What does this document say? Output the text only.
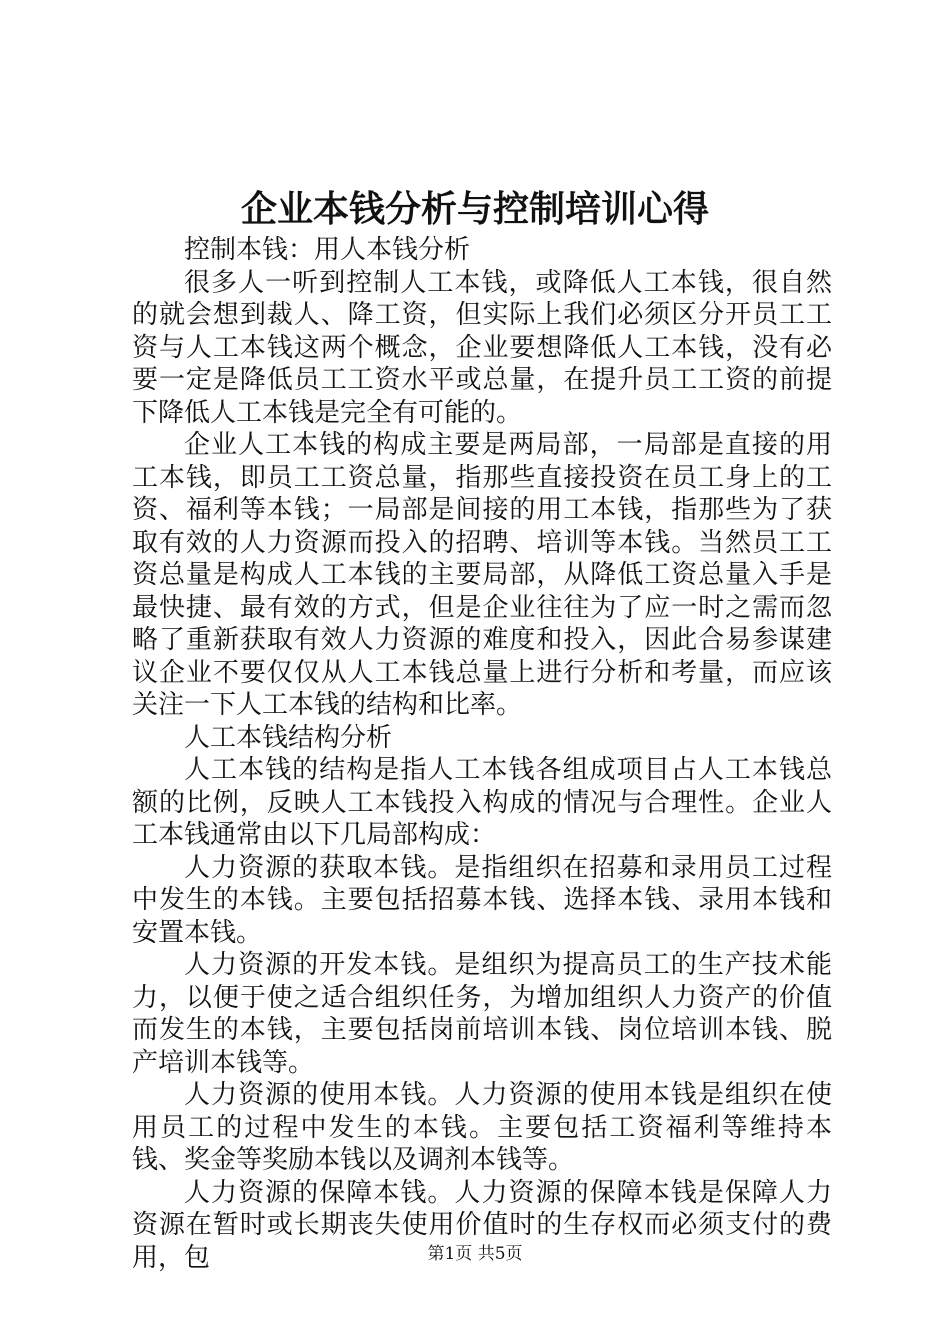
企业本钱分析与控制培训心得

控制本钱：用人本钱分析

很多人一听到控制人工本钱，或降低人工本钱，很自然的就会想到裁人、降工资，但实际上我们必须区分开员工工资与人工本钱这两个概念，企业要想降低人工本钱，没有必要一定是降低员工工资水平或总量，在提升员工工资的前提下降低人工本钱是完全有可能的。

企业人工本钱的构成主要是两局部，一局部是直接的用工本钱，即员工工资总量，指那些直接投资在员工身上的工资、福利等本钱；一局部是间接的用工本钱，指那些为了获取有效的人力资源而投入的招聘、培训等本钱。当然员工工资总量是构成人工本钱的主要局部，从降低工资总量入手是最快捷、最有效的方式，但是企业往往为了应一时之需而忽略了重新获取有效人力资源的难度和投入，因此合易参谋建议企业不要仅仅从人工本钱总量上进行分析和考量，而应该关注一下人工本钱的结构和比率。

人工本钱结构分析

人工本钱的结构是指人工本钱各组成项目占人工本钱总额的比例，反映人工本钱投入构成的情况与合理性。企业人工本钱通常由以下几局部构成：

人力资源的获取本钱。是指组织在招募和录用员工过程中发生的本钱。主要包括招募本钱、选择本钱、录用本钱和安置本钱。

人力资源的开发本钱。是组织为提高员工的生产技术能力，以便于使之适合组织任务，为增加组织人力资产的价值而发生的本钱，主要包括岗前培训本钱、岗位培训本钱、脱产培训本钱等。

人力资源的使用本钱。人力资源的使用本钱是组织在使用员工的过程中发生的本钱。主要包括工资福利等维持本钱、奖金等奖励本钱以及调剂本钱等。

人力资源的保障本钱。人力资源的保障本钱是保障人力资源在暂时或长期丧失使用价值时的生存权而必须支付的费用，包	第1页 共5页
